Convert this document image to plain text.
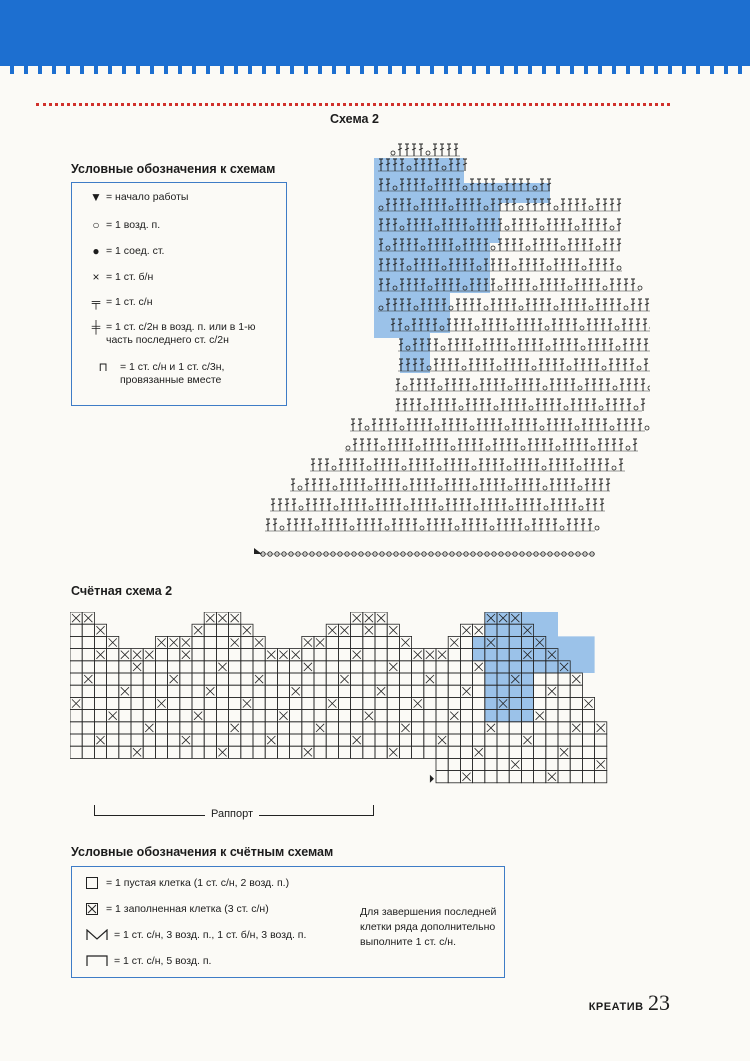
Схема 2
Условные обозначения к схемам
▼ = начало работы
○ = 1 возд. п.
● = 1 соед. ст.
× = 1 ст. б/н
╤ = 1 ст. с/н
╪ = 1 ст. с/2н в возд. п. или в 1-ю часть последнего ст. с/2н
⊓	= 1 ст. с/н и 1 ст. с/3н, провязанные вместе
Счётная схема 2
Раппорт
Условные обозначения к счётным схемам
= 1 пустая клетка (1 ст. с/н, 2 возд. п.)
= 1 заполненная клетка (3 ст. с/н)
= 1 ст. с/н, 3 возд. п., 1 ст. б/н, 3 возд. п.
= 1 ст. с/н, 5 возд. п.
Для завершения последней клетки ряда дополнительно выполните 1 ст. с/н.
КРЕАТИВ 23
